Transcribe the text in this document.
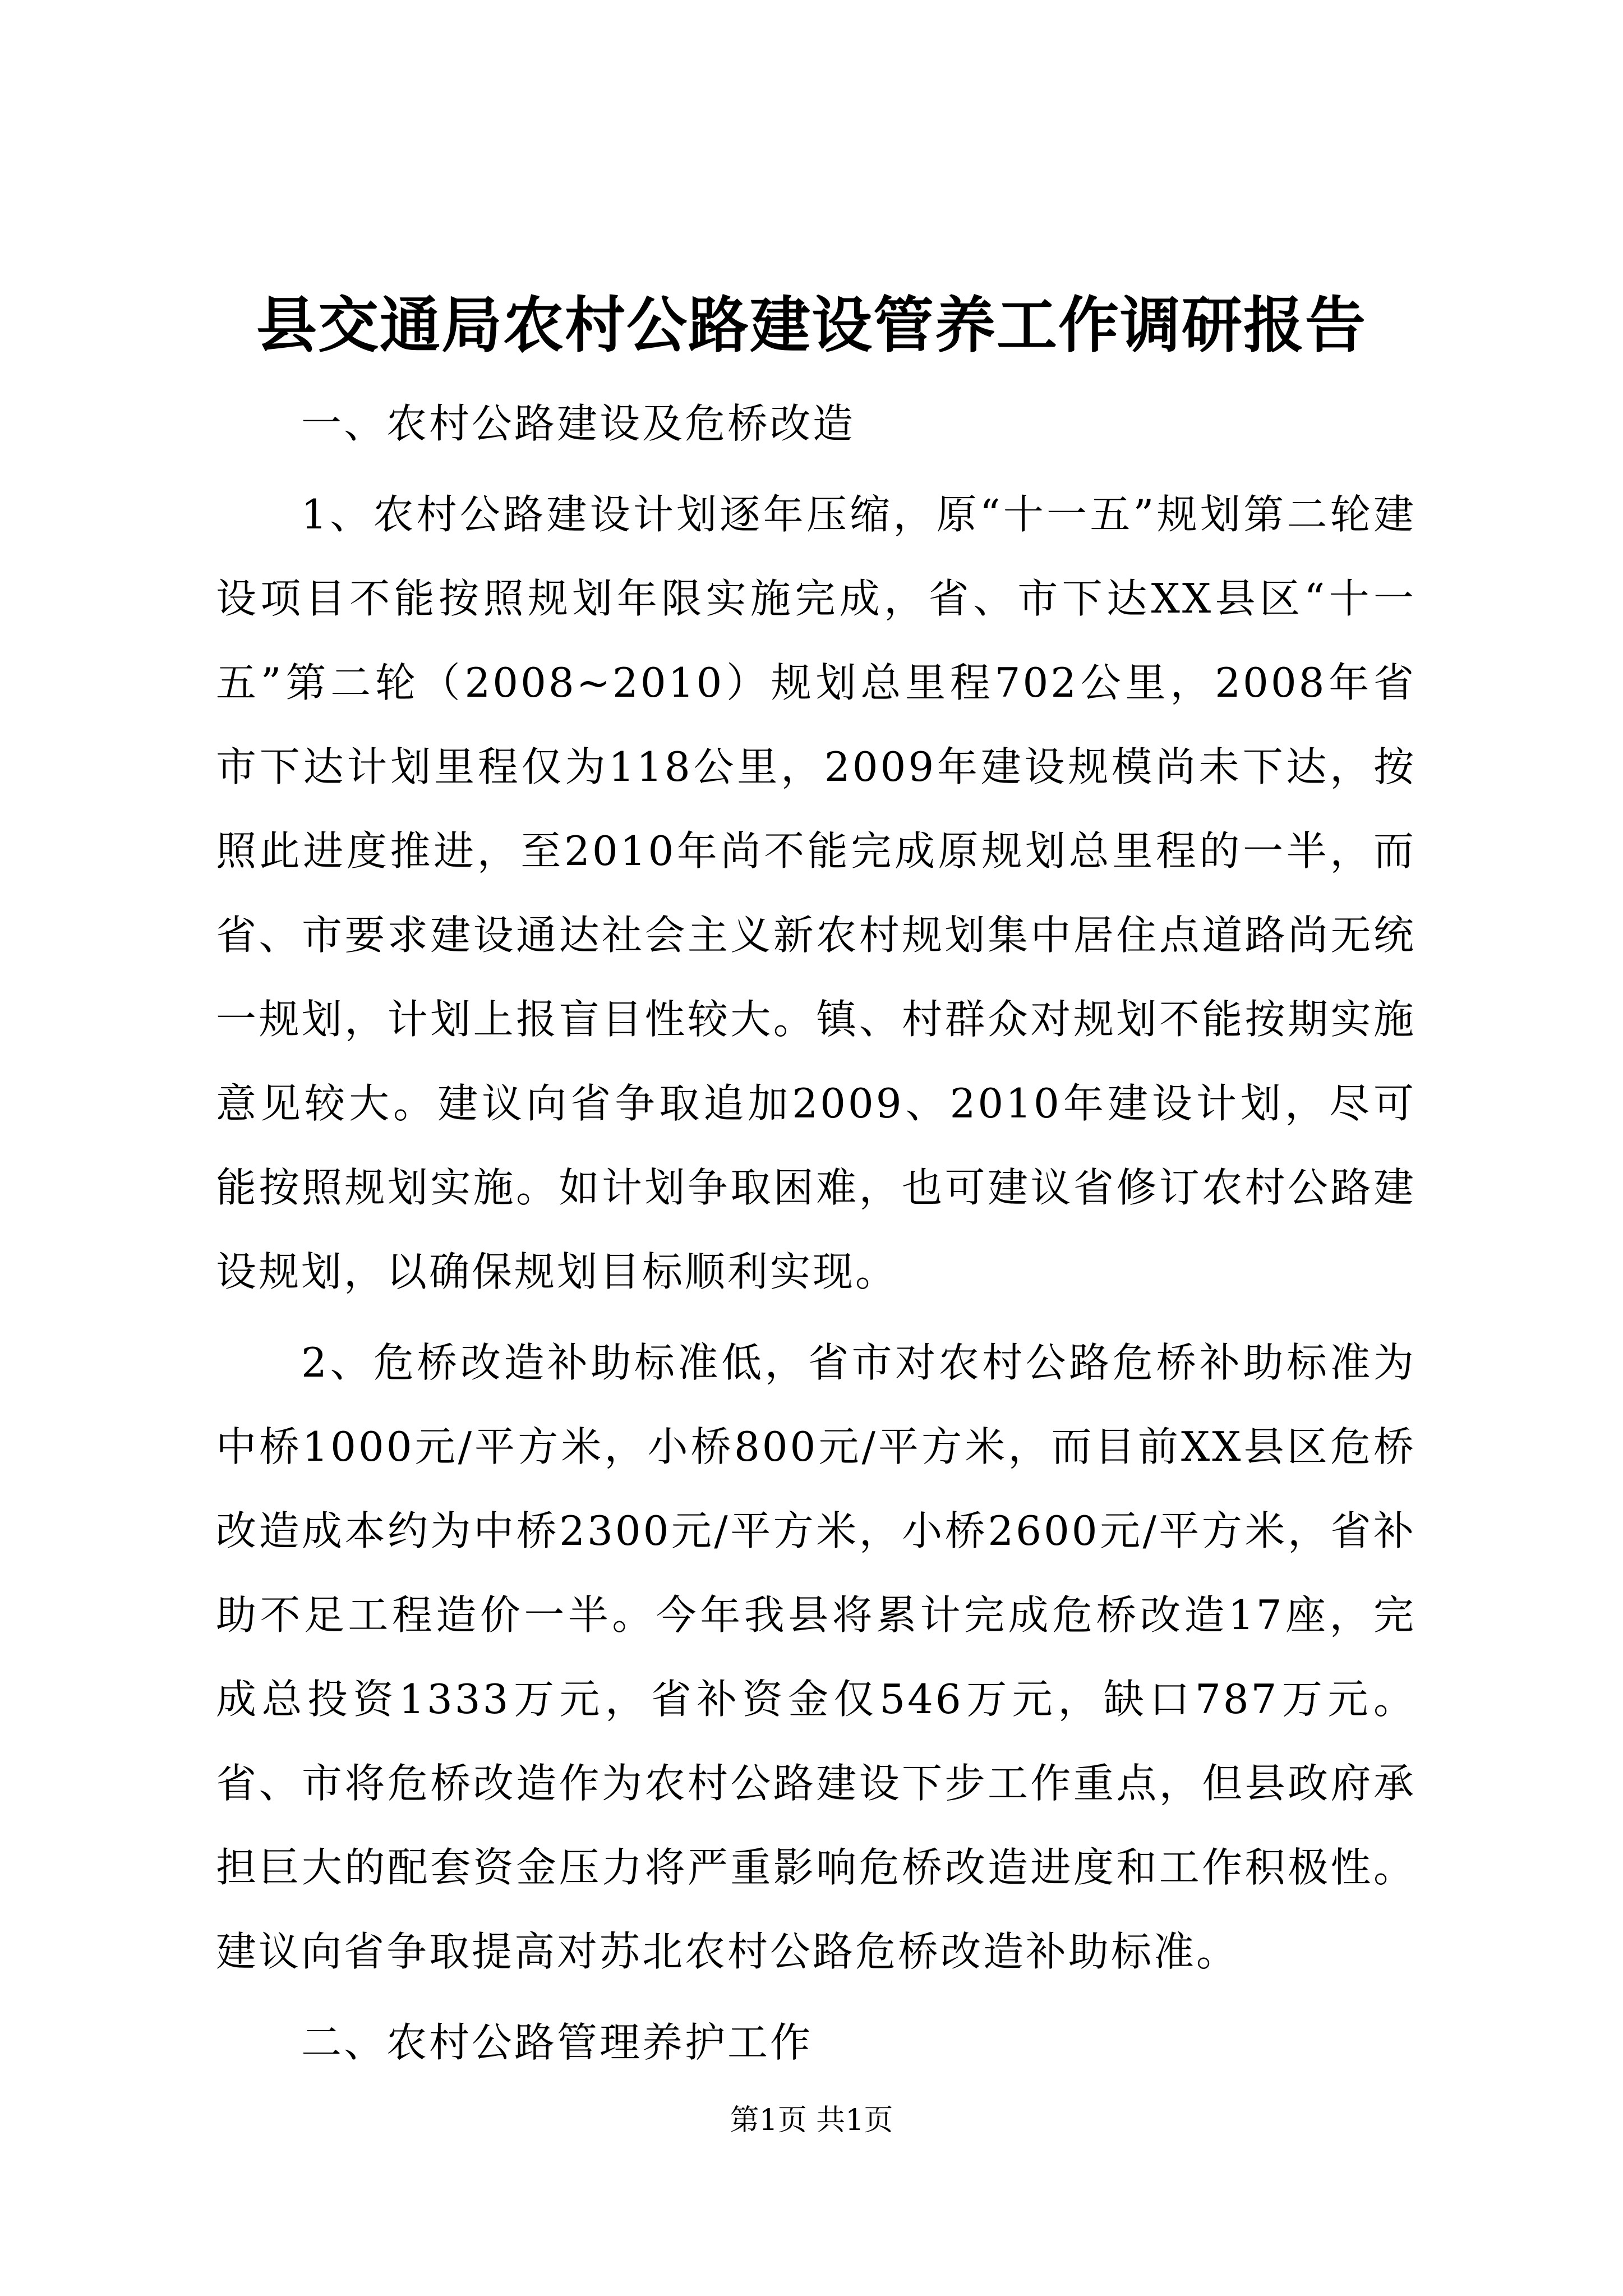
县交通局农村公路建设管养工作调研报告

一、农村公路建设及危桥改造

1、农村公路建设计划逐年压缩，原“十一五”规划第二轮建设项目不能按照规划年限实施完成，省、市下达XX县区“十一五”第二轮（2008~2010）规划总里程702公里，2008年省市下达计划里程仅为118公里，2009年建设规模尚未下达，按照此进度推进，至2010年尚不能完成原规划总里程的一半，而省、市要求建设通达社会主义新农村规划集中居住点道路尚无统一规划，计划上报盲目性较大。镇、村群众对规划不能按期实施意见较大。建议向省争取追加2009、2010年建设计划，尽可能按照规划实施。如计划争取困难，也可建议省修订农村公路建设规划，以确保规划目标顺利实现。

2、危桥改造补助标准低，省市对农村公路危桥补助标准为中桥1000元/平方米，小桥800元/平方米，而目前XX县区危桥改造成本约为中桥2300元/平方米，小桥2600元/平方米，省补助不足工程造价一半。今年我县将累计完成危桥改造17座，完成总投资1333万元，省补资金仅546万元，缺口787万元。省、市将危桥改造作为农村公路建设下步工作重点，但县政府承担巨大的配套资金压力将严重影响危桥改造进度和工作积极性。建议向省争取提高对苏北农村公路危桥改造补助标准。

二、农村公路管理养护工作

第1页 共1页
